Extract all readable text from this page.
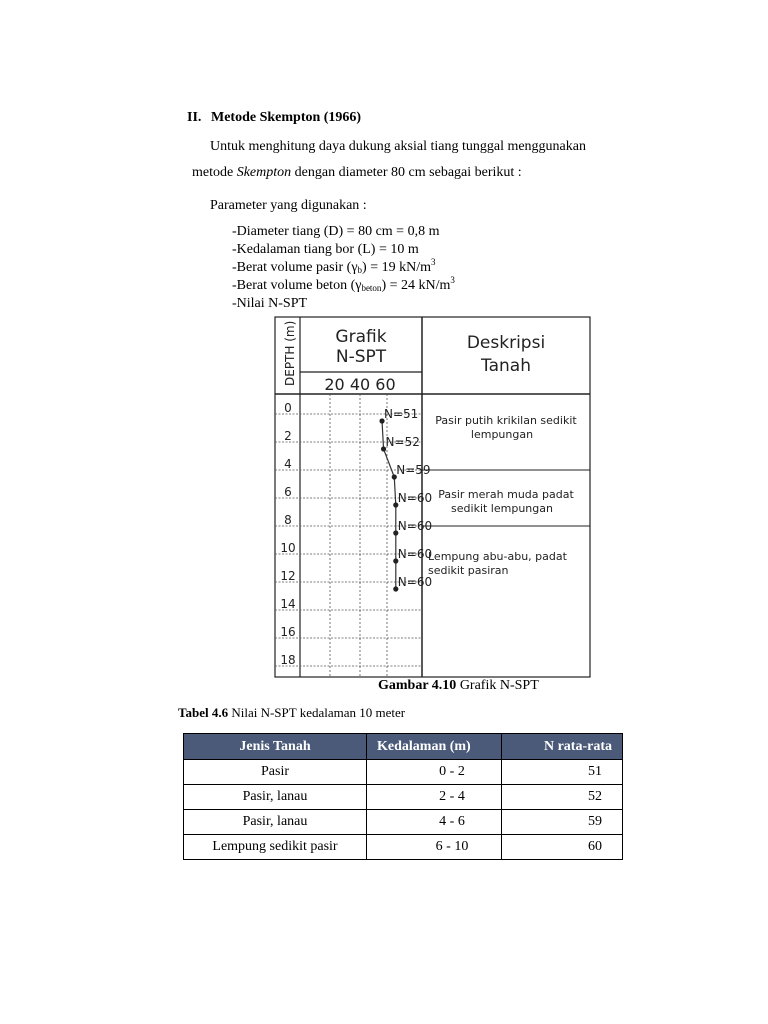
II. Metode Skempton (1966)
Untuk menghitung daya dukung aksial tiang tunggal menggunakan
metode Skempton dengan diameter 80 cm sebagai berikut :
Parameter yang digunakan :
-Diameter tiang (D) = 80 cm = 0,8 m
-Kedalaman tiang bor (L) = 10 m
-Berat volume pasir $(\gamma_b) = 19$ $kN/m^3$
-Berat volume beton $(\gamma_{beton}) = 24$ $kN/m^3$
-Nilai N-SPT
0
2
4
6
8
10
12
14
16
18
N=51
N=52
N=59
N=60
N=60
N=60
N=60
Pasir putih krikilan sedikit
lempungan
Pasir merah muda padat
sedikit lempungan
Lempung abu-abu, padat
sedikit pasiran
DEPTH (m) Grafik
N-SPT
20 40 60
Deskripsi
Tanah
Gambar 4.10 Grafik N-SPT
Tabel 4.6 Nilai N-SPT kedalaman 10 meter
Jenis Tanah	Kedalaman (m)	N rata-rata
Pasir	0 - 2	51
Pasir, lanau	2 - 4	52
Pasir, lanau	4 - 6	59
Lempung sedikit pasir	6 - 10	60
